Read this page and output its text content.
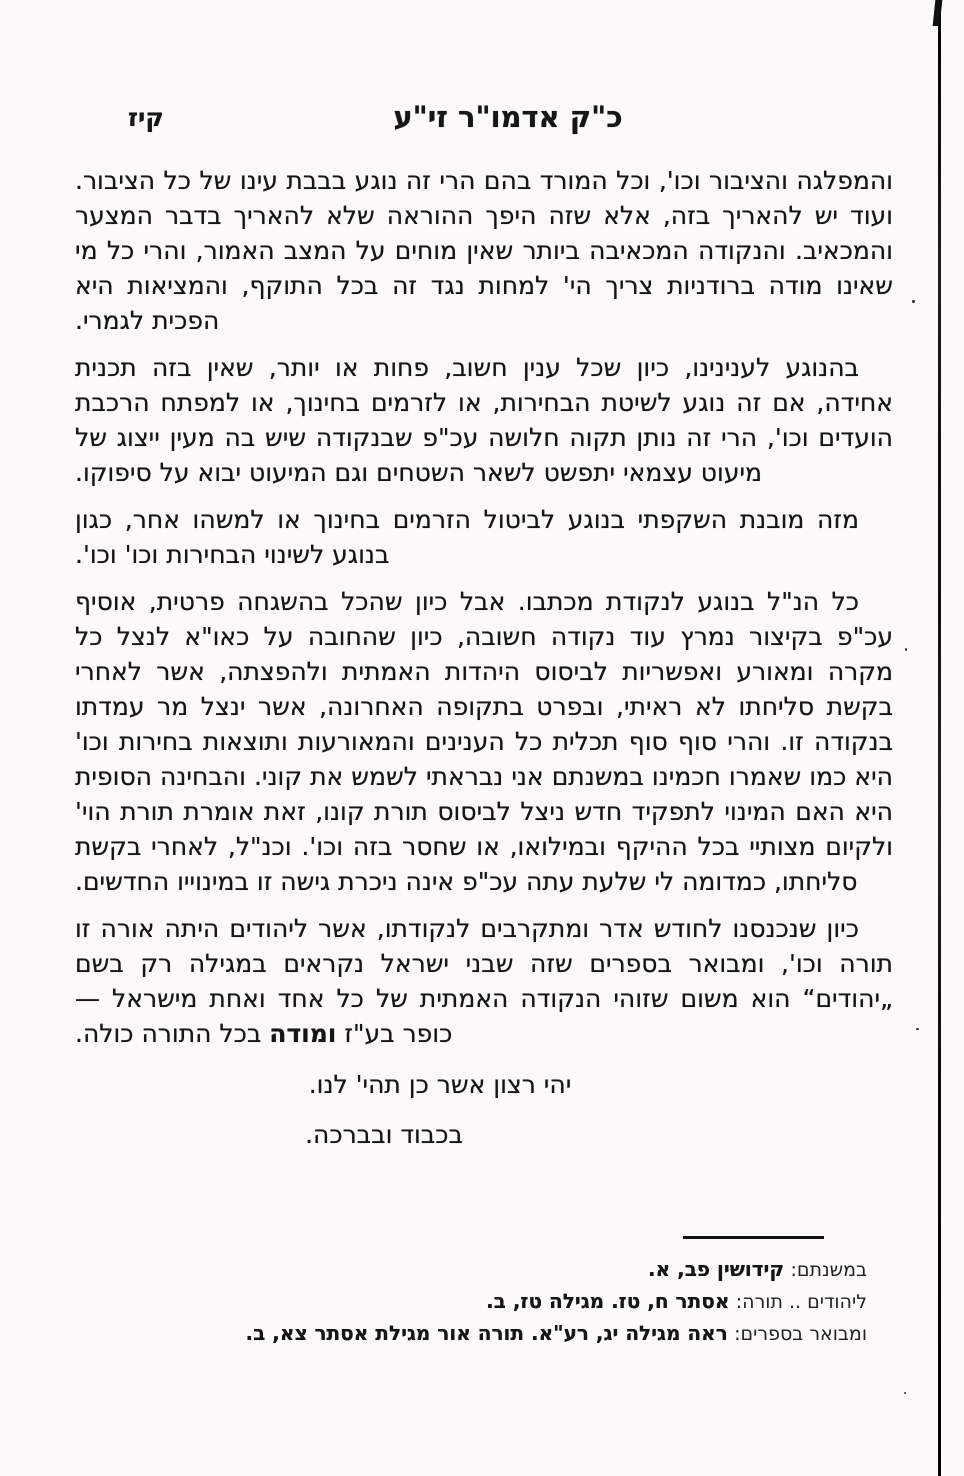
קיז	כ"ק אדמו"ר זי"ע

והמפלגה והציבור וכו', וכל המורד בהם הרי זה נוגע בבבת עינו של כל הציבור. ועוד יש להאריך בזה, אלא שזה היפך ההוראה שלא להאריך בדבר המצער והמכאיב. והנקודה המכאיבה ביותר שאין מוחים על המצב האמור, והרי כל מי שאינו מודה ברודניות צריך הי' למחות נגד זה בכל התוקף, והמציאות היא הפכית לגמרי.

בהנוגע לענינינו, כיון שכל ענין חשוב, פחות או יותר, שאין בזה תכנית אחידה, אם זה נוגע לשיטת הבחירות, או לזרמים בחינוך, או למפתח הרכבת הועדים וכו', הרי זה נותן תקוה חלושה עכ"פ שבנקודה שיש בה מעין ייצוג של מיעוט עצמאי יתפשט לשאר השטחים וגם המיעוט יבוא על סיפוקו.

מזה מובנת השקפתי בנוגע לביטול הזרמים בחינוך או למשהו אחר, כגון בנוגע לשינוי הבחירות וכו' וכו'.

כל הנ"ל בנוגע לנקודת מכתבו. אבל כיון שהכל בהשגחה פרטית, אוסיף עכ"פ בקיצור נמרץ עוד נקודה חשובה, כיון שהחובה על כאו"א לנצל כל מקרה ומאורע ואפשריות לביסוס היהדות האמתית ולהפצתה, אשר לאחרי בקשת סליחתו לא ראיתי, ובפרט בתקופה האחרונה, אשר ינצל מר עמדתו בנקודה זו. והרי סוף סוף תכלית כל הענינים והמאורעות ותוצאות בחירות וכו' היא כמו שאמרו חכמינו במשנתם אני נבראתי לשמש את קוני. והבחינה הסופית היא האם המינוי לתפקיד חדש ניצל לביסוס תורת קונו, זאת אומרת תורת הוי' ולקיום מצותיי בכל ההיקף ובמילואו, או שחסר בזה וכו'. וכנ"ל, לאחרי בקשת סליחתו, כמדומה לי שלעת עתה עכ"פ אינה ניכרת גישה זו במינוייו החדשים.

כיון שנכנסנו לחודש אדר ומתקרבים לנקודתו, אשר ליהודים היתה אורה זו תורה וכו', ומבואר בספרים שזה שבני ישראל נקראים במגילה רק בשם „יהודים“ הוא משום שזוהי הנקודה האמתית של כל אחד ואחת מישראל — כופר בע"ז ומודה בכל התורה כולה.

יהי רצון אשר כן תהי' לנו.

בכבוד ובברכה.

במשנתם: קידושין פב, א.
ליהודים .. תורה: אסתר ח, טז. מגילה טז, ב.
ומבואר בספרים: ראה מגילה יג, רע"א. תורה אור מגילת אסתר צא, ב.
